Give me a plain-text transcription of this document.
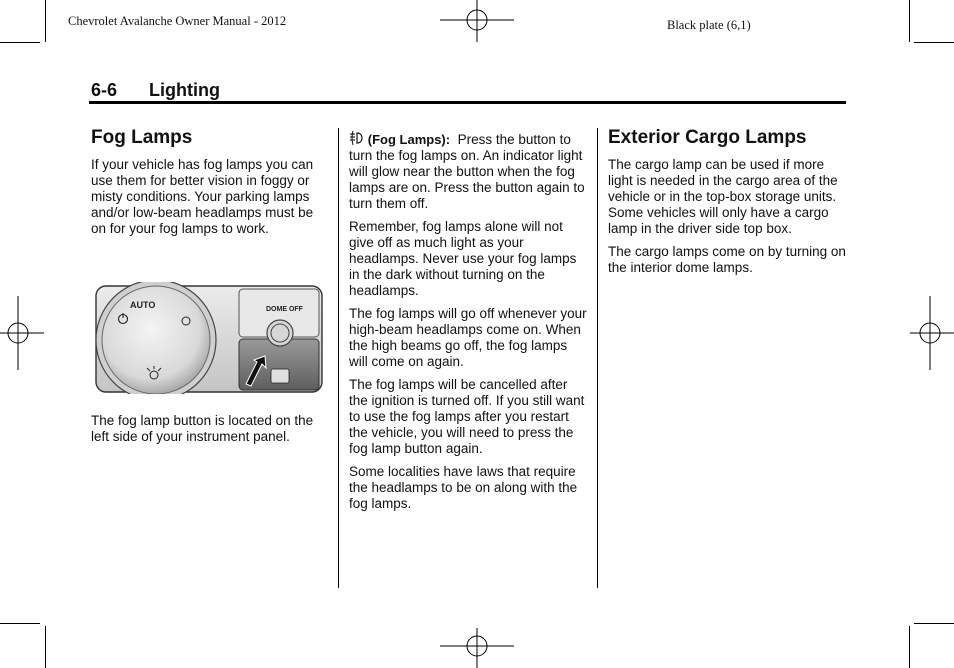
Chevrolet Avalanche Owner Manual - 2012	Black plate (6,1)
6-6 Lighting
Fog Lamps

If your vehicle has fog lamps you can use them for better vision in foggy or misty conditions. Your parking lamps and/or low-beam headlamps must be on for your fog lamps to work.

AUTO	DOME OFF
The fog lamp button is located on the left side of your instrument panel.

(Fog Lamps): Press the button to turn the fog lamps on. An indicator light will glow near the button when the fog lamps are on. Press the button again to turn them off.

Remember, fog lamps alone will not give off as much light as your headlamps. Never use your fog lamps in the dark without turning on the headlamps.

The fog lamps will go off whenever your high-beam headlamps come on. When the high beams go off, the fog lamps will come on again.

The fog lamps will be cancelled after the ignition is turned off. If you still want to use the fog lamps after you restart the vehicle, you will need to press the fog lamp button again.

Some localities have laws that require the headlamps to be on along with the fog lamps.

Exterior Cargo Lamps

The cargo lamp can be used if more light is needed in the cargo area of the vehicle or in the top-box storage units. Some vehicles will only have a cargo lamp in the driver side top box.

The cargo lamps come on by turning on the interior dome lamps.
